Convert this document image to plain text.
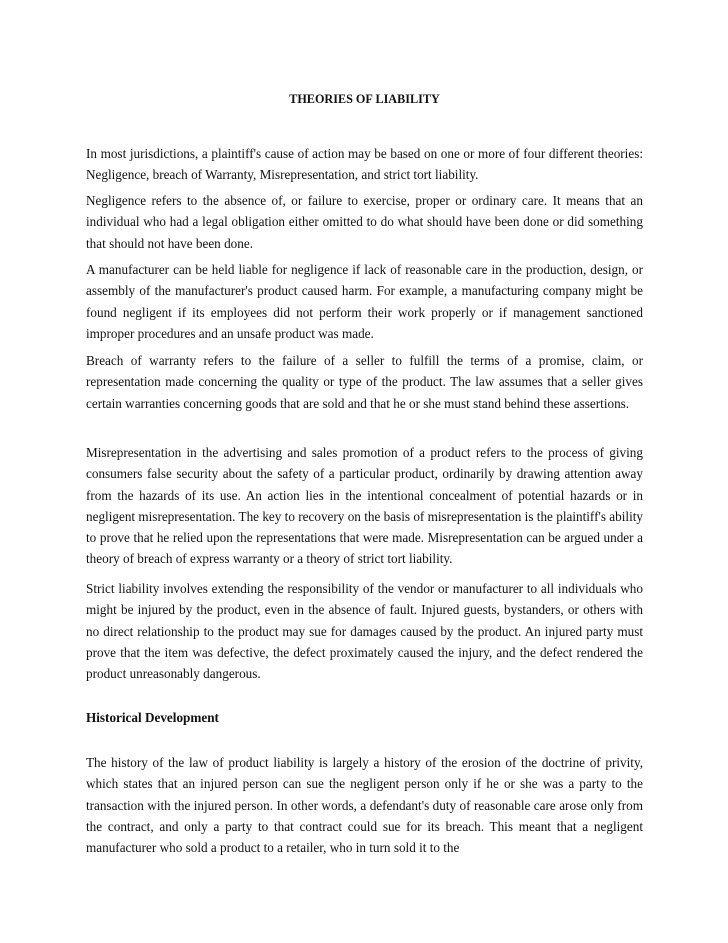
THEORIES OF LIABILITY

In most jurisdictions, a plaintiff's cause of action may be based on one or more of four different theories: Negligence, breach of Warranty, Misrepresentation, and strict tort liability.

Negligence refers to the absence of, or failure to exercise, proper or ordinary care. It means that an individual who had a legal obligation either omitted to do what should have been done or did something that should not have been done.

A manufacturer can be held liable for negligence if lack of reasonable care in the production, design, or assembly of the manufacturer's product caused harm. For example, a manufacturing company might be found negligent if its employees did not perform their work properly or if management sanctioned improper procedures and an unsafe product was made.

Breach of warranty refers to the failure of a seller to fulfill the terms of a promise, claim, or representation made concerning the quality or type of the product. The law assumes that a seller gives certain warranties concerning goods that are sold and that he or she must stand behind these assertions.

Misrepresentation in the advertising and sales promotion of a product refers to the process of giving consumers false security about the safety of a particular product, ordinarily by drawing attention away from the hazards of its use. An action lies in the intentional concealment of potential hazards or in negligent misrepresentation. The key to recovery on the basis of misrepresentation is the plaintiff's ability to prove that he relied upon the representations that were made. Misrepresentation can be argued under a theory of breach of express warranty or a theory of strict tort liability.

Strict liability involves extending the responsibility of the vendor or manufacturer to all individuals who might be injured by the product, even in the absence of fault. Injured guests, bystanders, or others with no direct relationship to the product may sue for damages caused by the product. An injured party must prove that the item was defective, the defect proximately caused the injury, and the defect rendered the product unreasonably dangerous.

Historical Development

The history of the law of product liability is largely a history of the erosion of the doctrine of privity, which states that an injured person can sue the negligent person only if he or she was a party to the transaction with the injured person. In other words, a defendant's duty of reasonable care arose only from the contract, and only a party to that contract could sue for its breach. This meant that a negligent manufacturer who sold a product to a retailer, who in turn sold it to the
